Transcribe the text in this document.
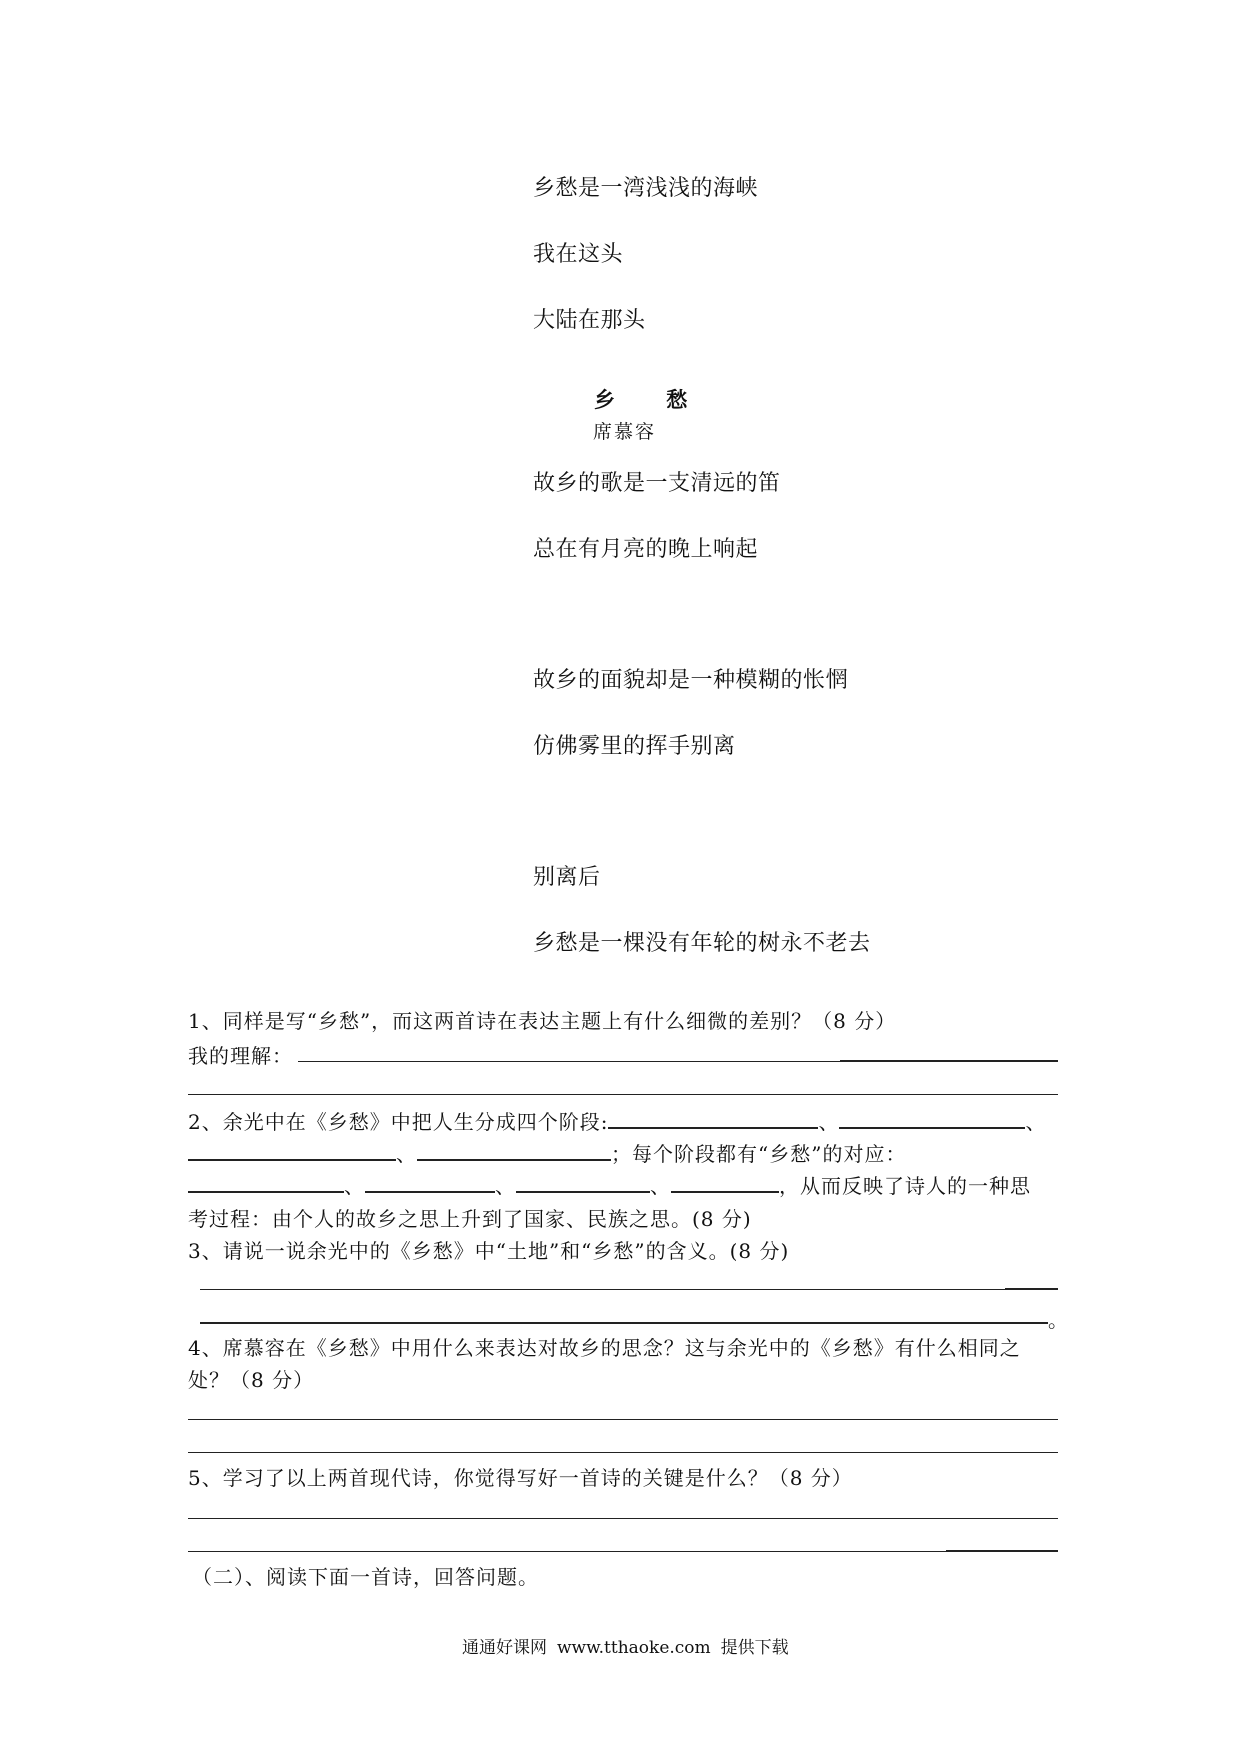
乡愁是一湾浅浅的海峡
我在这头
大陆在那头
乡 愁
席慕容
故乡的歌是一支清远的笛
总在有月亮的晚上响起
故乡的面貌却是一种模糊的怅惘
仿佛雾里的挥手别离
别离后
乡愁是一棵没有年轮的树永不老去
1、同样是写“乡愁”，而这两首诗在表达主题上有什么细微的差别？（8 分）
我的理解：
2、余光中在《乡愁》中把人生分成四个阶段:	、	、
、	；每个阶段都有“乡愁”的对应：
、	、	、	，从而反映了诗人的一种思
考过程：由个人的故乡之思上升到了国家、民族之思。(8 分)
3、请说一说余光中的《乡愁》中“土地”和“乡愁”的含义。(8 分)
。
4、席慕容在《乡愁》中用什么来表达对故乡的思念？这与余光中的《乡愁》有什么相同之
处？（8 分）
5、学习了以上两首现代诗，你觉得写好一首诗的关键是什么？（8 分）
（二）、阅读下面一首诗，回答问题。
通通好课网 www.tthaoke.com 提供下载
